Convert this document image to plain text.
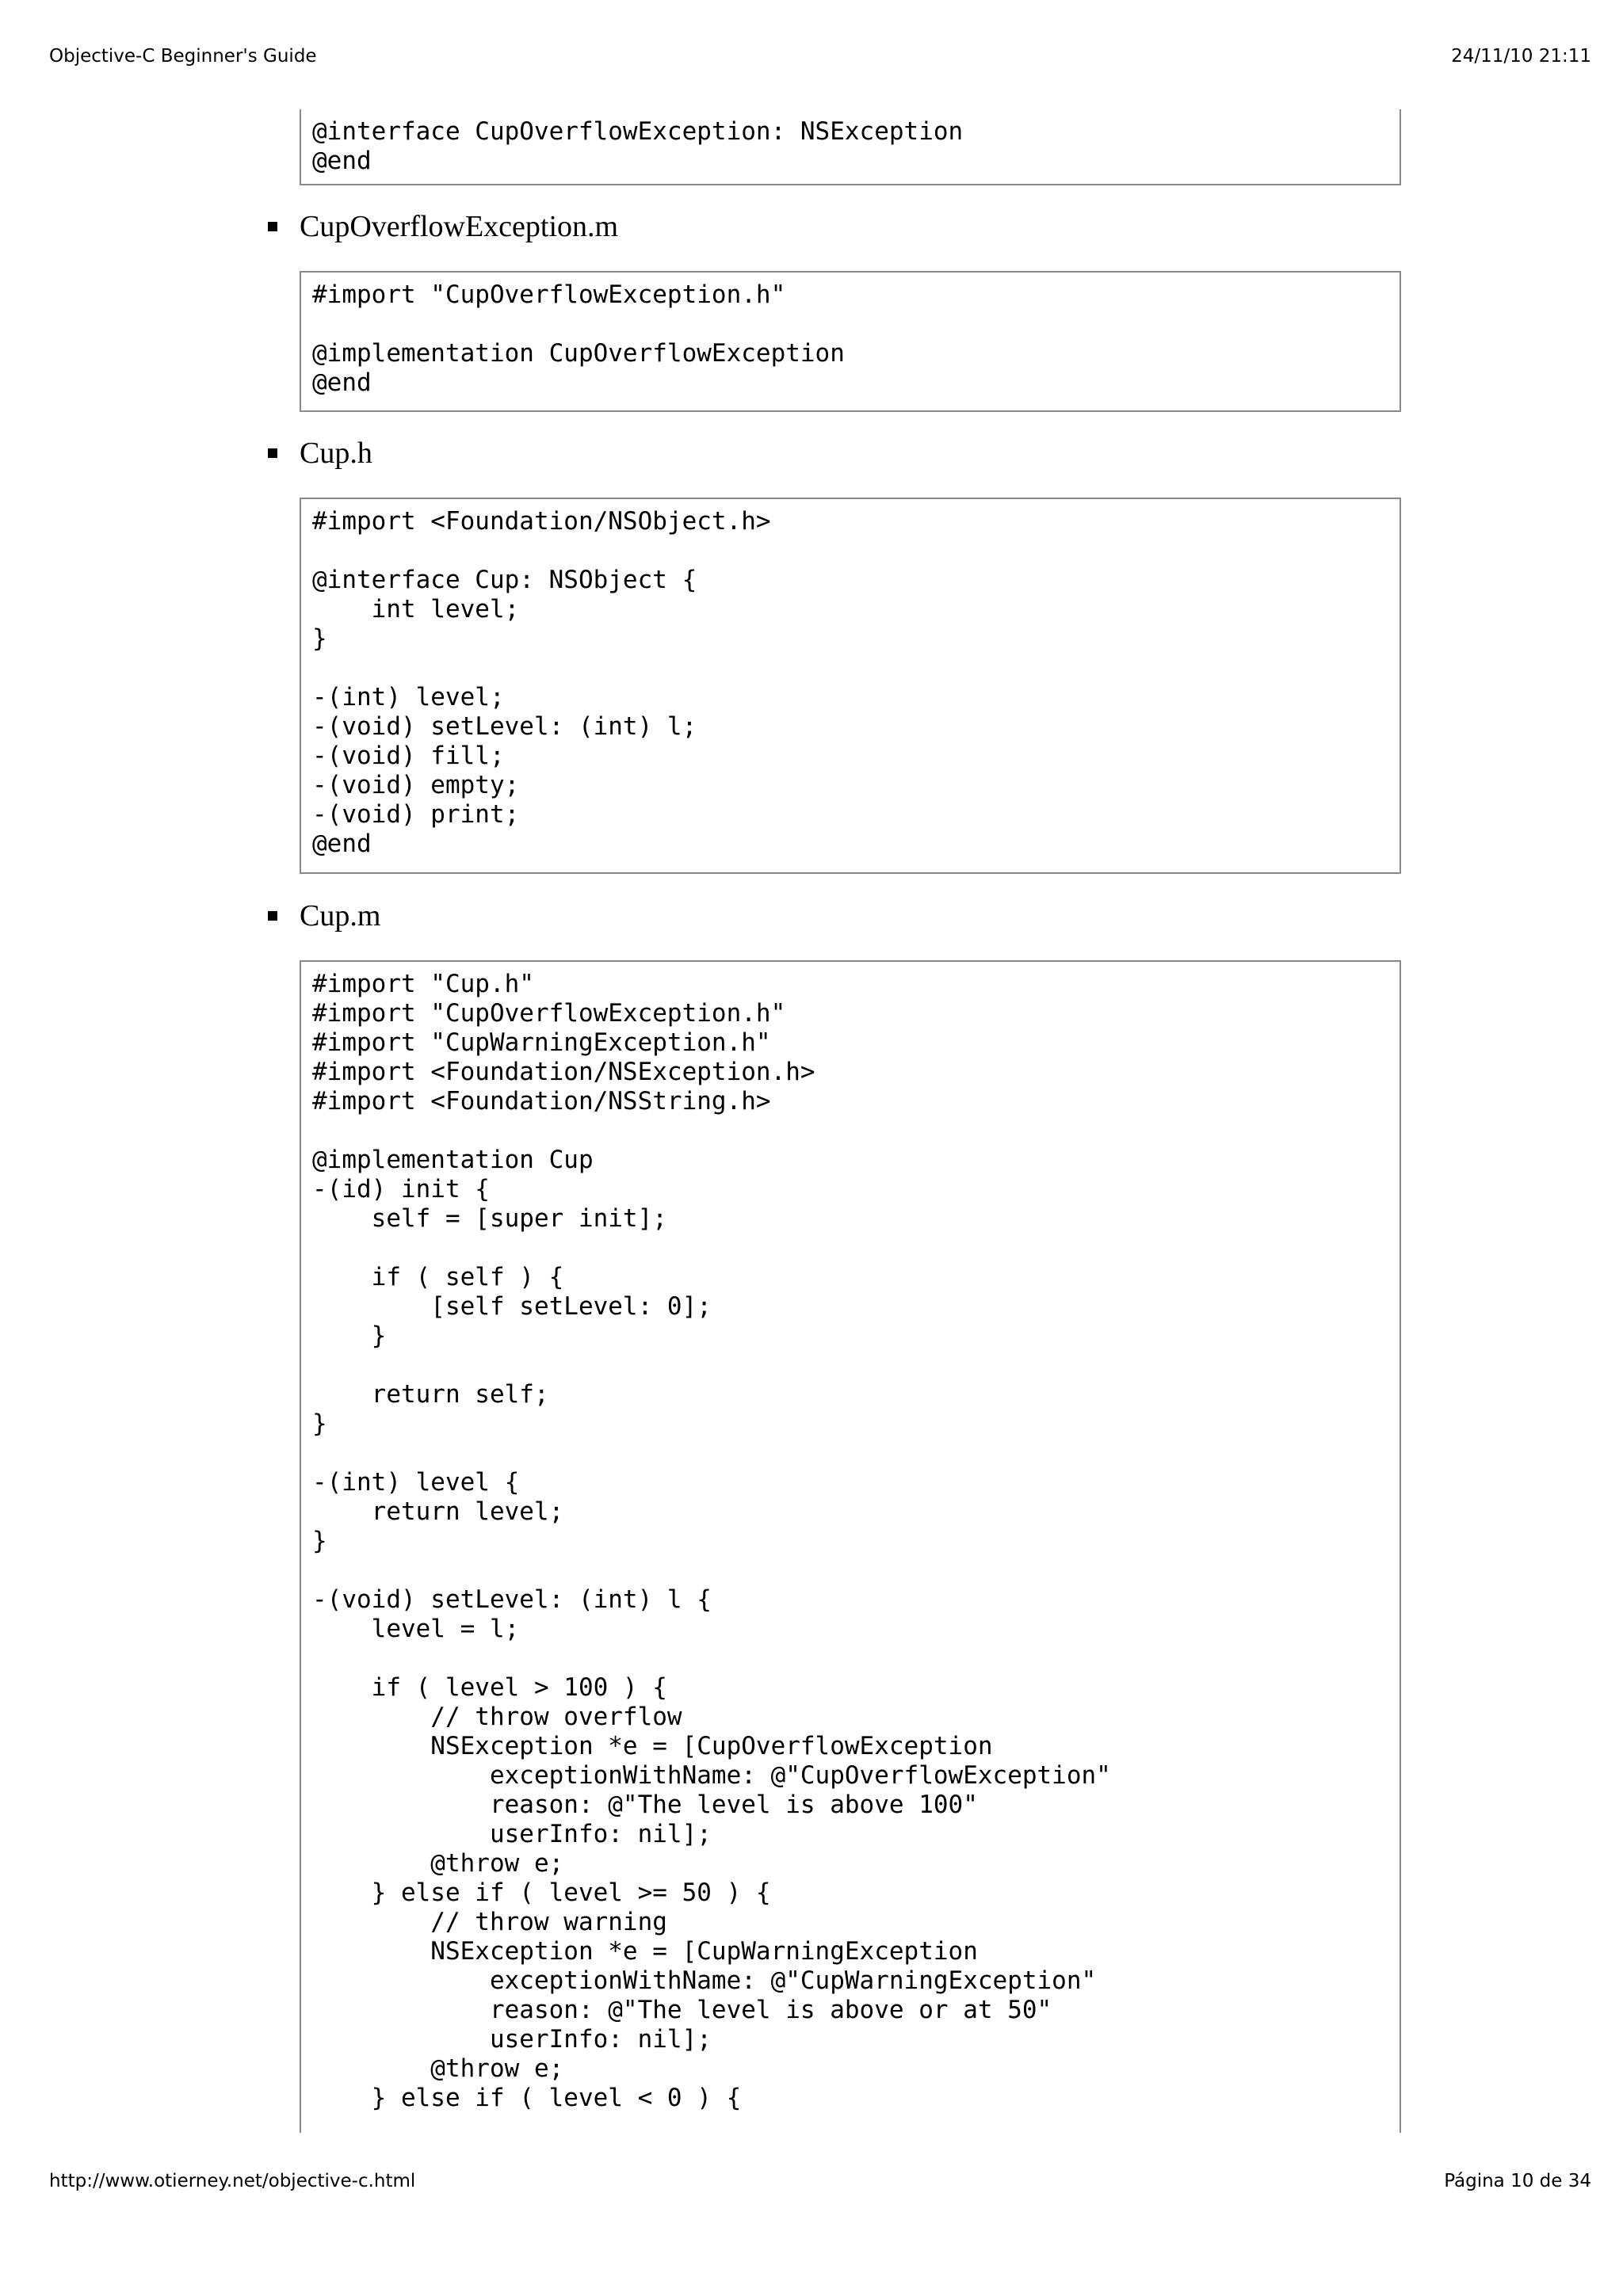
Objective-C Beginner's Guide	24/11/10 21:11
@interface CupOverflowException: NSException
@end
CupOverflowException.m
#import "CupOverflowException.h"

@implementation CupOverflowException
@end
Cup.h
#import <Foundation/NSObject.h>

@interface Cup: NSObject {
int level;
}

-(int) level;
-(void) setLevel: (int) l;
-(void) fill;
-(void) empty;
-(void) print;
@end
Cup.m
#import "Cup.h"
#import "CupOverflowException.h"
#import "CupWarningException.h"
#import <Foundation/NSException.h>
#import <Foundation/NSString.h>

@implementation Cup
-(id) init {
self = [super init];

if ( self ) {
[self setLevel: 0];
}

return self;
}

-(int) level {
return level;
}

-(void) setLevel: (int) l {
level = l;

if ( level > 100 ) {
// throw overflow
NSException *e = [CupOverflowException
exceptionWithName: @"CupOverflowException"
reason: @"The level is above 100"
userInfo: nil];
@throw e;
} else if ( level >= 50 ) {
// throw warning
NSException *e = [CupWarningException
exceptionWithName: @"CupWarningException"
reason: @"The level is above or at 50"
userInfo: nil];
@throw e;
} else if ( level < 0 ) {
http://www.otierney.net/objective-c.html	Página 10 de 34
